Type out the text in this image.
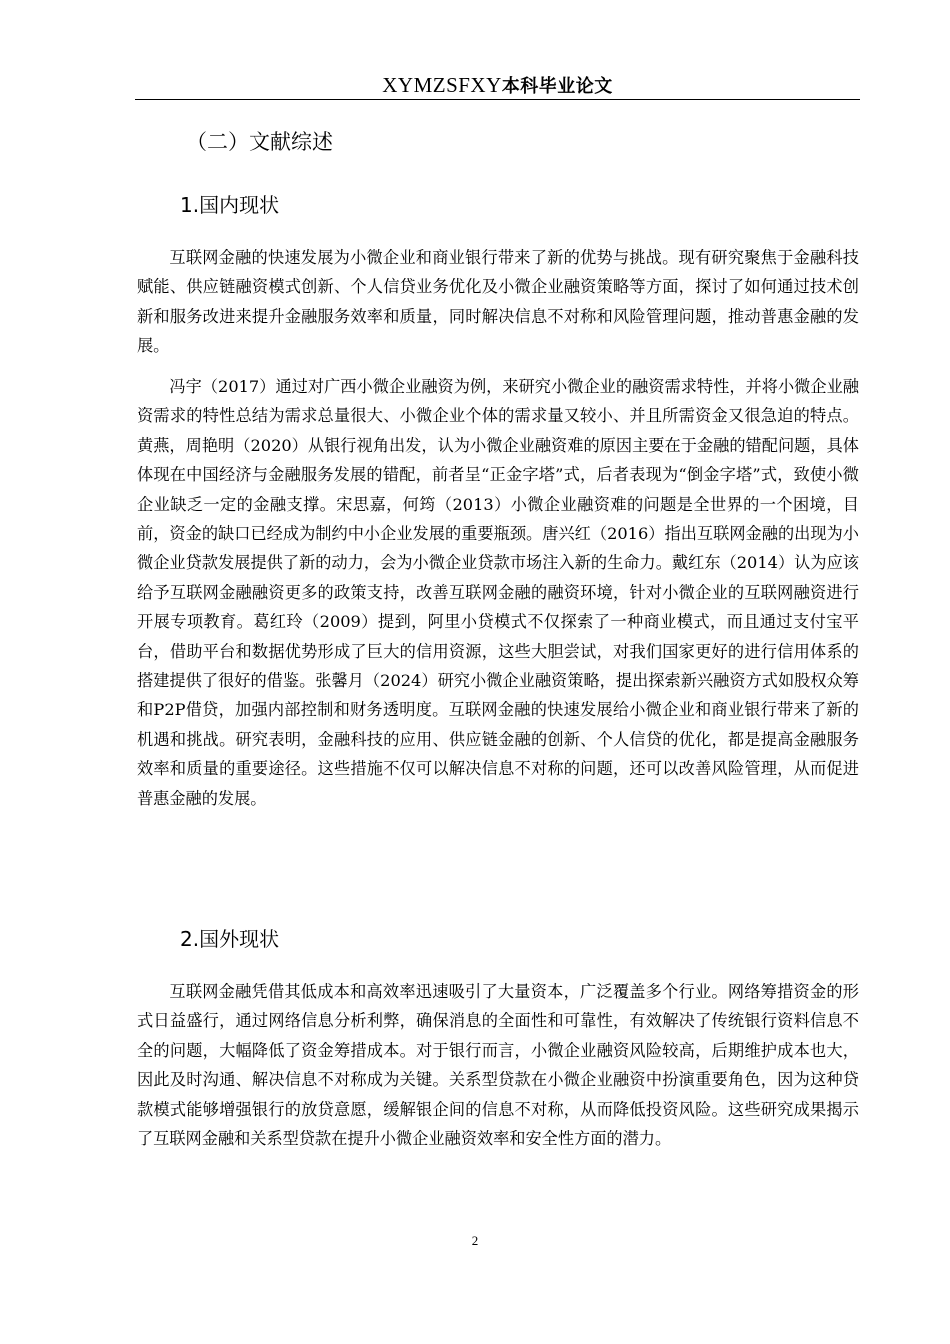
XYMZSFXY本科毕业论文
（二）文献综述
1.国内现状

互联网金融的快速发展为小微企业和商业银行带来了新的优势与挑战。现有研究聚焦于金融科技赋能、供应链融资模式创新、个人信贷业务优化及小微企业融资策略等方面，探讨了如何通过技术创新和服务改进来提升金融服务效率和质量，同时解决信息不对称和风险管理问题，推动普惠金融的发展。

冯宇（2017）通过对广西小微企业融资为例，来研究小微企业的融资需求特性，并将小微企业融资需求的特性总结为需求总量很大、小微企业个体的需求量又较小、并且所需资金又很急迫的特点。黄燕，周艳明（2020）从银行视角出发，认为小微企业融资难的原因主要在于金融的错配问题，具体体现在中国经济与金融服务发展的错配，前者呈“正金字塔”式，后者表现为“倒金字塔”式，致使小微企业缺乏一定的金融支撑。宋思嘉，何筠（2013）小微企业融资难的问题是全世界的一个困境，目前，资金的缺口已经成为制约中小企业发展的重要瓶颈。唐兴红（2016）指出互联网金融的出现为小微企业贷款发展提供了新的动力，会为小微企业贷款市场注入新的生命力。戴红东（2014）认为应该给予互联网金融融资更多的政策支持，改善互联网金融的融资环境，针对小微企业的互联网融资进行开展专项教育。葛红玲（2009）提到，阿里小贷模式不仅探索了一种商业模式，而且通过支付宝平台，借助平台和数据优势形成了巨大的信用资源，这些大胆尝试，对我们国家更好的进行信用体系的搭建提供了很好的借鉴。张馨月（2024）研究小微企业融资策略，提出探索新兴融资方式如股权众筹和P2P借贷，加强内部控制和财务透明度。互联网金融的快速发展给小微企业和商业银行带来了新的机遇和挑战。研究表明，金融科技的应用、供应链金融的创新、个人信贷的优化，都是提高金融服务效率和质量的重要途径。这些措施不仅可以解决信息不对称的问题，还可以改善风险管理，从而促进普惠金融的发展。

2.国外现状

互联网金融凭借其低成本和高效率迅速吸引了大量资本，广泛覆盖多个行业。网络筹措资金的形式日益盛行，通过网络信息分析利弊，确保消息的全面性和可靠性，有效解决了传统银行资料信息不全的问题，大幅降低了资金筹措成本。对于银行而言，小微企业融资风险较高，后期维护成本也大，因此及时沟通、解决信息不对称成为关键。关系型贷款在小微企业融资中扮演重要角色，因为这种贷款模式能够增强银行的放贷意愿，缓解银企间的信息不对称，从而降低投资风险。这些研究成果揭示了互联网金融和关系型贷款在提升小微企业融资效率和安全性方面的潜力。

2
